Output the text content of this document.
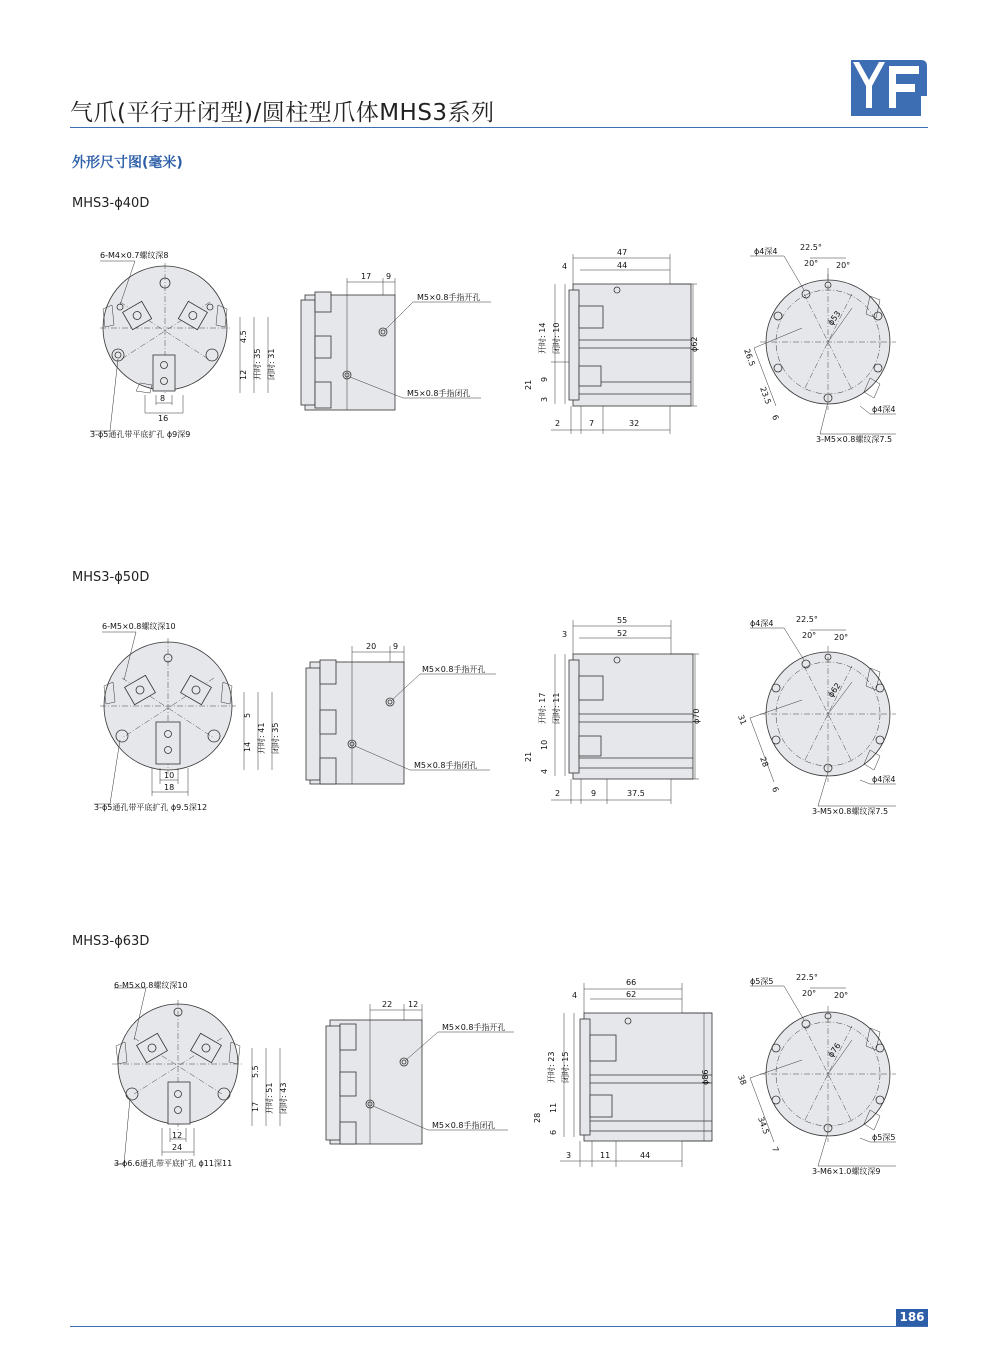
气爪(平行开闭型)/圆柱型爪体MHS3系列
外形尺寸图(毫米)
MHS3-ϕ40D
MHS3-ϕ50D
MHS3-ϕ63D
6-M4×0.7螺纹深8
3-ϕ5通孔带平底扩孔 ϕ9深9
4.5
12 开时: 35 闭时: 31
8
16
17 9
M5×0.8手指开孔
M5×0.8手指闭孔
47
4	44
ϕ62
开时: 14 闭时: 10
21
9
3
2	7	32
ϕ4深4	22.5°
20° 20°
ϕ53
26.5
23.5
6
ϕ4深4
3-M5×0.8螺纹深7.5
6-M5×0.8螺纹深10
3-ϕ5通孔带平底扩孔 ϕ9.5深12
5
14 开时: 41 闭时: 35
10
18
20 9
M5×0.8手指开孔
M5×0.8手指闭孔
55
3	52
ϕ70
开时: 17 闭时: 11
21
10
4
2	9	37.5
ϕ4深4	22.5°
20° 20°
ϕ62
31
28
6
ϕ4深4
3-M5×0.8螺纹深7.5
6-M5×0.8螺纹深10
3-ϕ6.6通孔带平底扩孔 ϕ11深11
5.5
17 开时: 51 闭时: 43
12
24
22 12
M5×0.8手指开孔
M5×0.8手指闭孔
66
4	62
ϕ86
开时: 23 闭时: 15
28
11
6
3	11	44
ϕ5深5	22.5°
20° 20°
ϕ76
38
34.5
7
ϕ5深5
3-M6×1.0螺纹深9
186
